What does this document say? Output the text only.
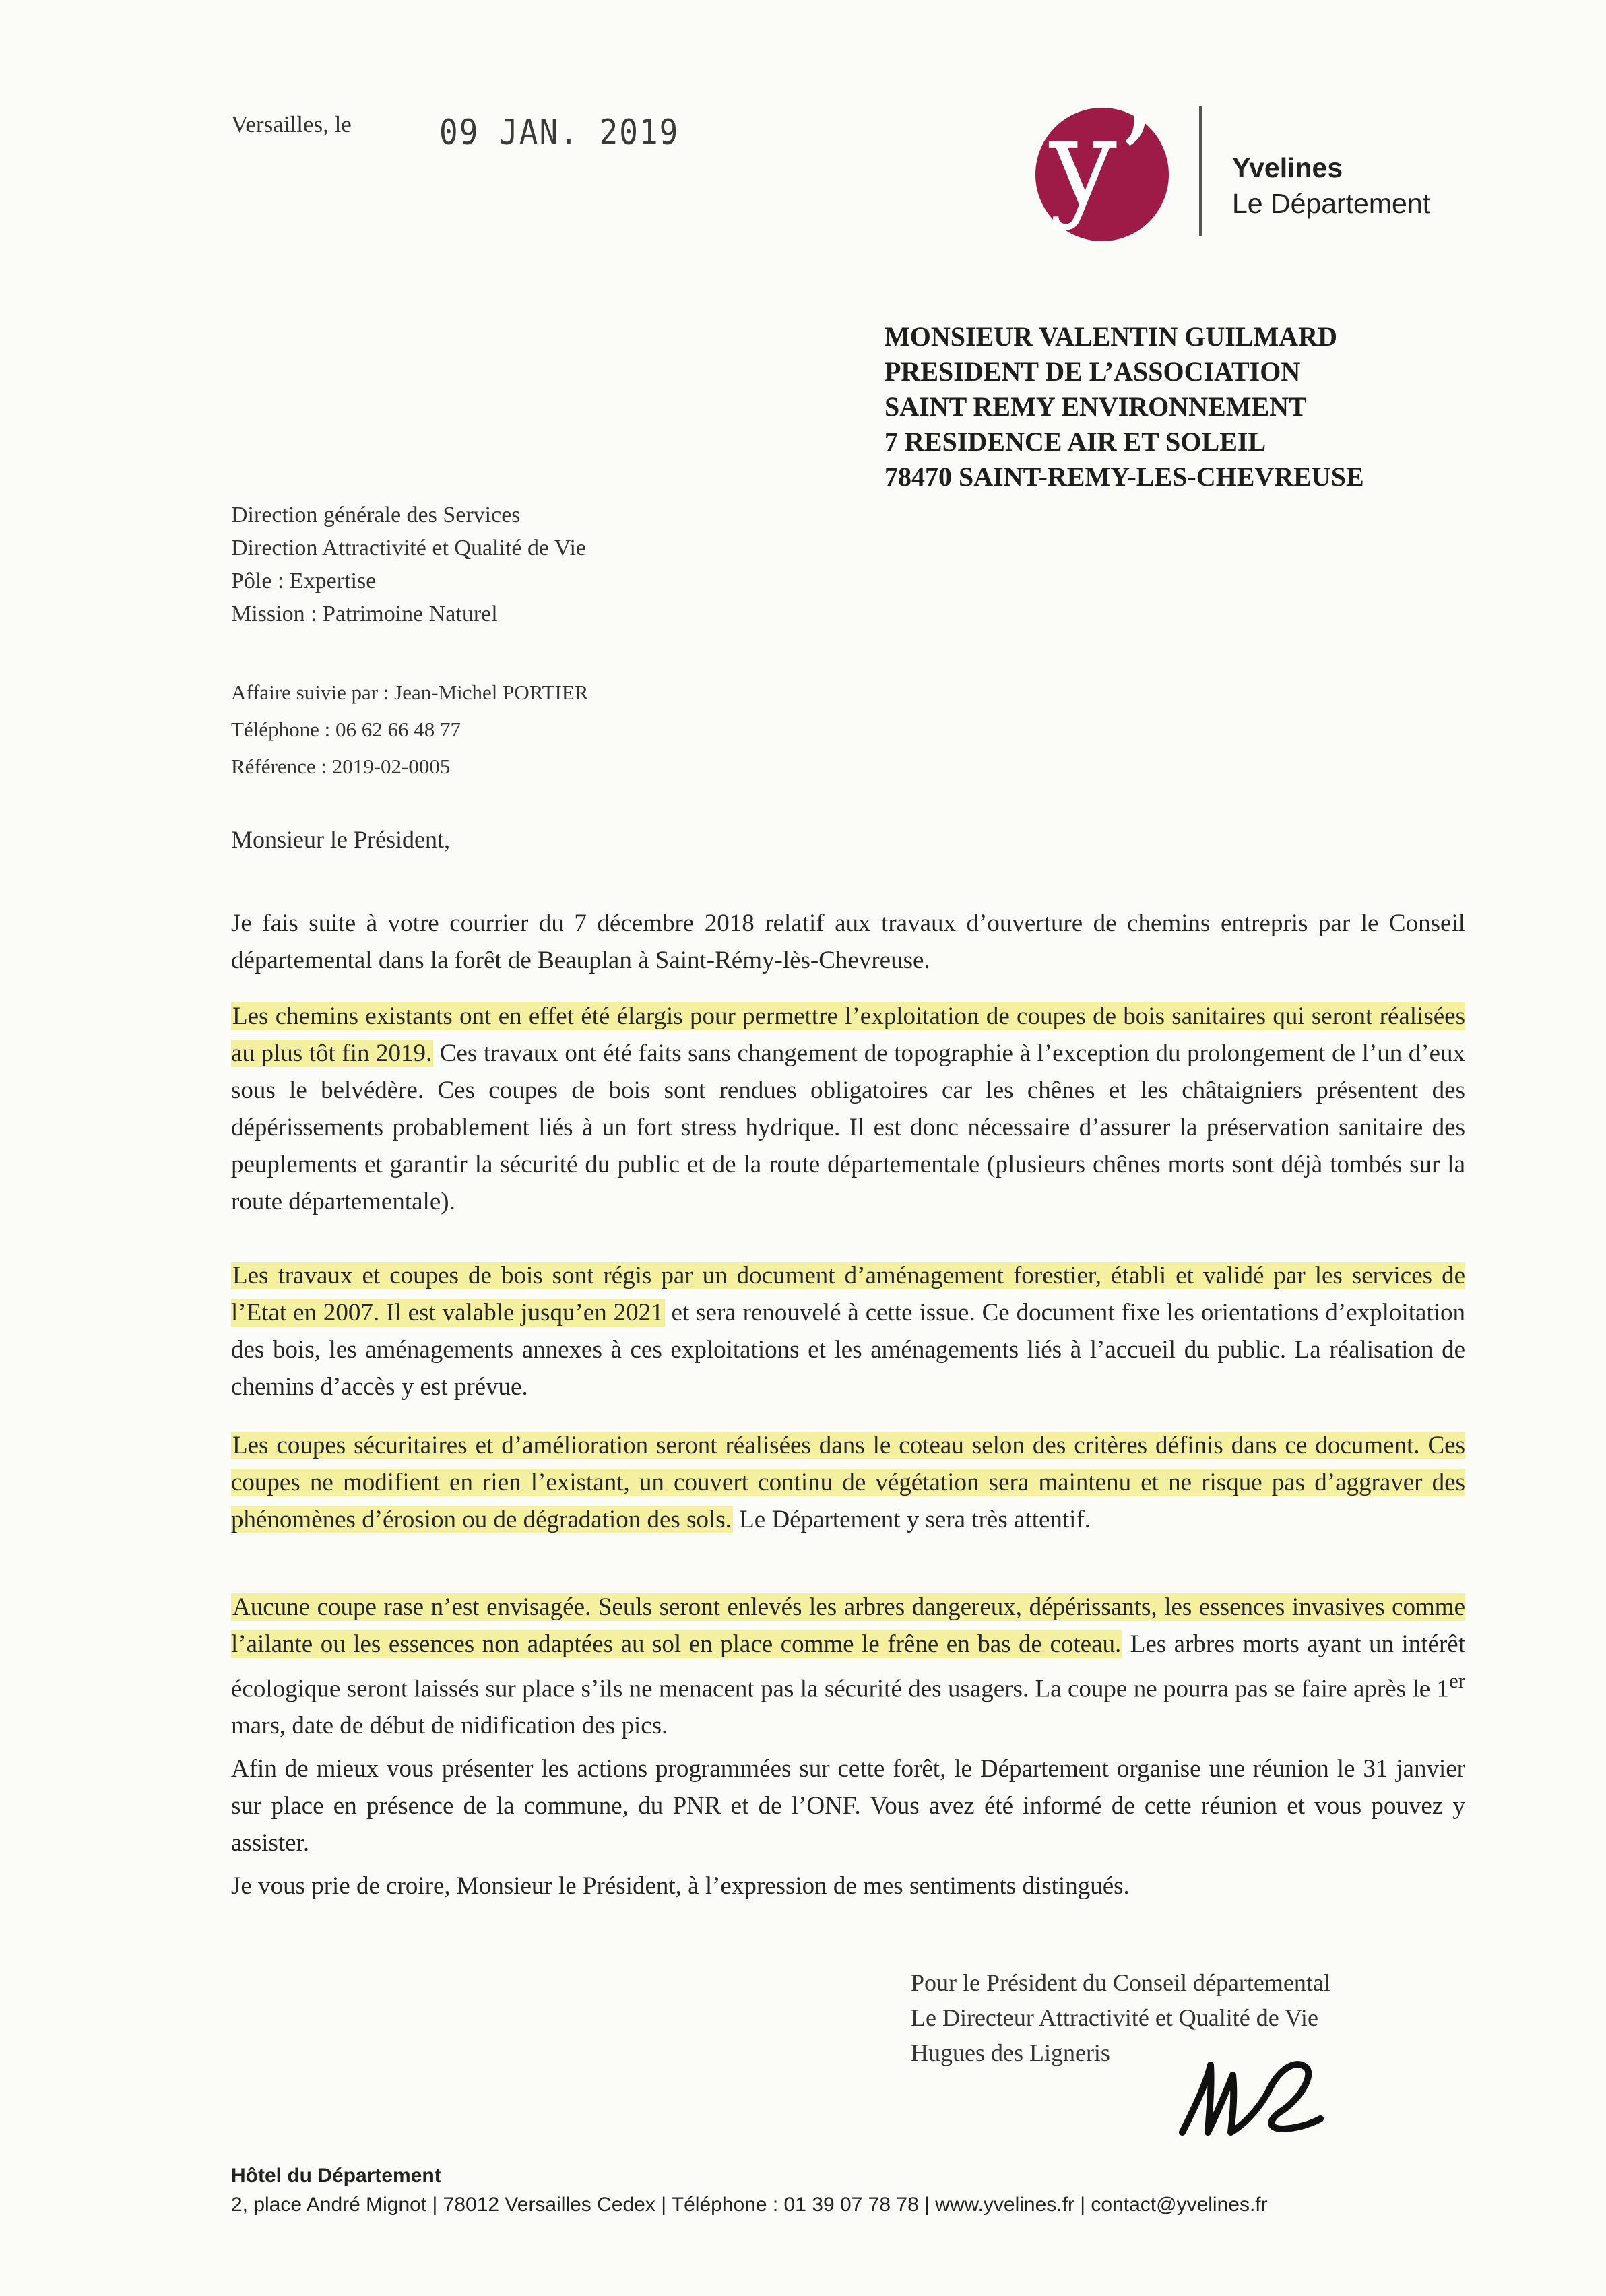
Versailles, le	09 JAN. 2019	y’	Yvelines
Le Département
MONSIEUR VALENTIN GUILMARD
PRESIDENT DE L’ASSOCIATION
SAINT REMY ENVIRONNEMENT
7 RESIDENCE AIR ET SOLEIL
78470 SAINT-REMY-LES-CHEVREUSE
Direction générale des Services
Direction Attractivité et Qualité de Vie
Pôle : Expertise
Mission : Patrimoine Naturel
Affaire suivie par : Jean-Michel PORTIER
Téléphone : 06 62 66 48 77
Référence : 2019-02-0005
Monsieur le Président,

Je fais suite à votre courrier du 7 décembre 2018 relatif aux travaux d’ouverture de chemins entrepris par le Conseil départemental dans la forêt de Beauplan à Saint-Rémy-lès-Chevreuse.

Les chemins existants ont en effet été élargis pour permettre l’exploitation de coupes de bois sanitaires qui seront réalisées au plus tôt fin 2019. Ces travaux ont été faits sans changement de topographie à l’exception du prolongement de l’un d’eux sous le belvédère. Ces coupes de bois sont rendues obligatoires car les chênes et les châtaigniers présentent des dépérissements probablement liés à un fort stress hydrique. Il est donc nécessaire d’assurer la préservation sanitaire des peuplements et garantir la sécurité du public et de la route départementale (plusieurs chênes morts sont déjà tombés sur la route départementale).

Les travaux et coupes de bois sont régis par un document d’aménagement forestier, établi et validé par les services de l’Etat en 2007. Il est valable jusqu’en 2021 et sera renouvelé à cette issue. Ce document fixe les orientations d’exploitation des bois, les aménagements annexes à ces exploitations et les aménagements liés à l’accueil du public. La réalisation de chemins d’accès y est prévue.

Les coupes sécuritaires et d’amélioration seront réalisées dans le coteau selon des critères définis dans ce document. Ces coupes ne modifient en rien l’existant, un couvert continu de végétation sera maintenu et ne risque pas d’aggraver des phénomènes d’érosion ou de dégradation des sols. Le Département y sera très attentif.

Aucune coupe rase n’est envisagée. Seuls seront enlevés les arbres dangereux, dépérissants, les essences invasives comme l’ailante ou les essences non adaptées au sol en place comme le frêne en bas de coteau. Les arbres morts ayant un intérêt écologique seront laissés sur place s’ils ne menacent pas la sécurité des usagers. La coupe ne pourra pas se faire après le 1er mars, date de début de nidification des pics.

Afin de mieux vous présenter les actions programmées sur cette forêt, le Département organise une réunion le 31 janvier sur place en présence de la commune, du PNR et de l’ONF. Vous avez été informé de cette réunion et vous pouvez y assister.

Je vous prie de croire, Monsieur le Président, à l’expression de mes sentiments distingués.

Pour le Président du Conseil départemental
Le Directeur Attractivité et Qualité de Vie
Hugues des Ligneris
Hôtel du Département
2, place André Mignot | 78012 Versailles Cedex | Téléphone : 01 39 07 78 78 | www.yvelines.fr | contact@yvelines.fr
